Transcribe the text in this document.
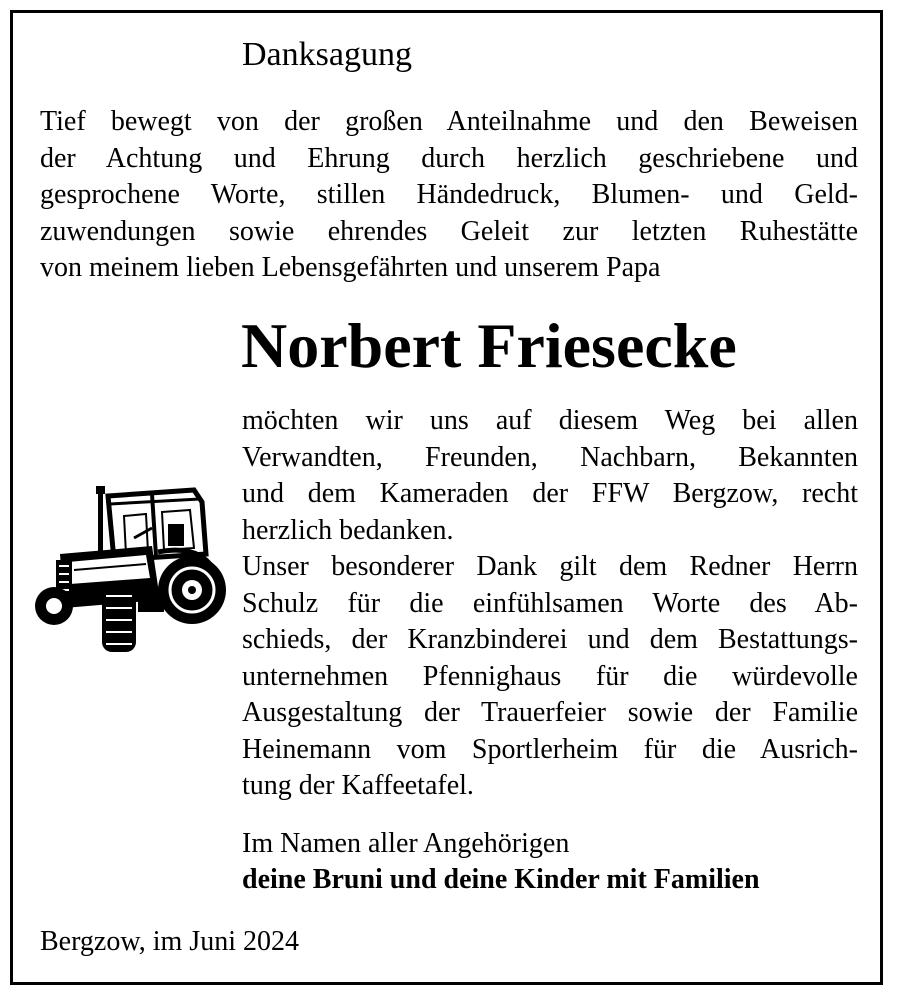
Danksagung
Tief bewegt von der großen Anteilnahme und den Beweisen
der Achtung und Ehrung durch herzlich geschriebene und
gesprochene Worte, stillen Händedruck, Blumen- und Geld-
zuwendungen sowie ehrendes Geleit zur letzten Ruhestätte
von meinem lieben Lebensgefährten und unserem Papa
Norbert Friesecke
möchten wir uns auf diesem Weg bei allen
Verwandten, Freunden, Nachbarn, Bekannten
und dem Kameraden der FFW Bergzow, recht
herzlich bedanken.
Unser besonderer Dank gilt dem Redner Herrn
Schulz für die einfühlsamen Worte des Ab-
schieds, der Kranzbinderei und dem Bestattungs-
unternehmen Pfennighaus für die würdevolle
Ausgestaltung der Trauerfeier sowie der Familie
Heinemann vom Sportlerheim für die Ausrich-
tung der Kaffeetafel.
Im Namen aller Angehörigen
deine Bruni und deine Kinder mit Familien
Bergzow, im Juni 2024
